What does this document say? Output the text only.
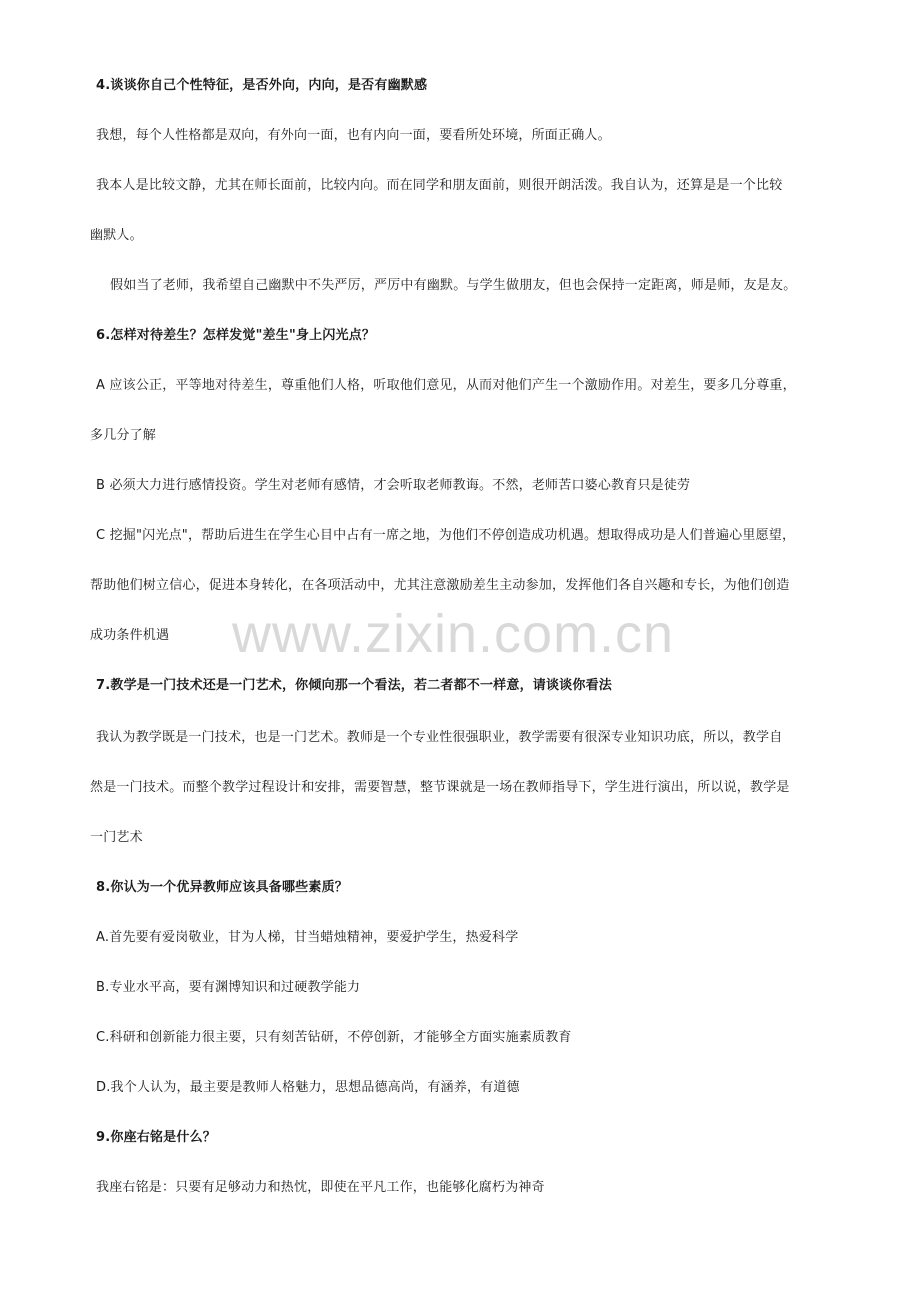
www.zixin.com.cn
4.谈谈你自己个性特征，是否外向，内向，是否有幽默感
我想，每个人性格都是双向，有外向一面，也有内向一面，要看所处环境，所面正确人。
我本人是比较文静，尤其在师长面前，比较内向。而在同学和朋友面前，则很开朗活泼。我自认为，还算是是一个比较
幽默人。
假如当了老师，我希望自己幽默中不失严厉，严厉中有幽默。与学生做朋友，但也会保持一定距离，师是师，友是友。
6.怎样对待差生？怎样发觉"差生"身上闪光点？
A 应该公正，平等地对待差生，尊重他们人格，听取他们意见，从而对他们产生一个激励作用。对差生，要多几分尊重，
多几分了解
B 必须大力进行感情投资。学生对老师有感情，才会听取老师教诲。不然，老师苦口婆心教育只是徒劳
C 挖掘"闪光点"，帮助后进生在学生心目中占有一席之地，为他们不停创造成功机遇。想取得成功是人们普遍心里愿望，
帮助他们树立信心，促进本身转化，在各项活动中，尤其注意激励差生主动参加，发挥他们各自兴趣和专长，为他们创造
成功条件机遇
7.教学是一门技术还是一门艺术，你倾向那一个看法，若二者都不一样意，请谈谈你看法
我认为教学既是一门技术，也是一门艺术。教师是一个专业性很强职业，教学需要有很深专业知识功底，所以，教学自
然是一门技术。而整个教学过程设计和安排，需要智慧，整节课就是一场在教师指导下，学生进行演出，所以说，教学是
一门艺术
8.你认为一个优异教师应该具备哪些素质？
A.首先要有爱岗敬业，甘为人梯，甘当蜡烛精神，要爱护学生，热爱科学
B.专业水平高，要有渊博知识和过硬教学能力
C.科研和创新能力很主要，只有刻苦钻研，不停创新，才能够全方面实施素质教育
D.我个人认为，最主要是教师人格魅力，思想品德高尚，有涵养，有道德
9.你座右铭是什么？
我座右铭是：只要有足够动力和热忱，即使在平凡工作，也能够化腐朽为神奇
